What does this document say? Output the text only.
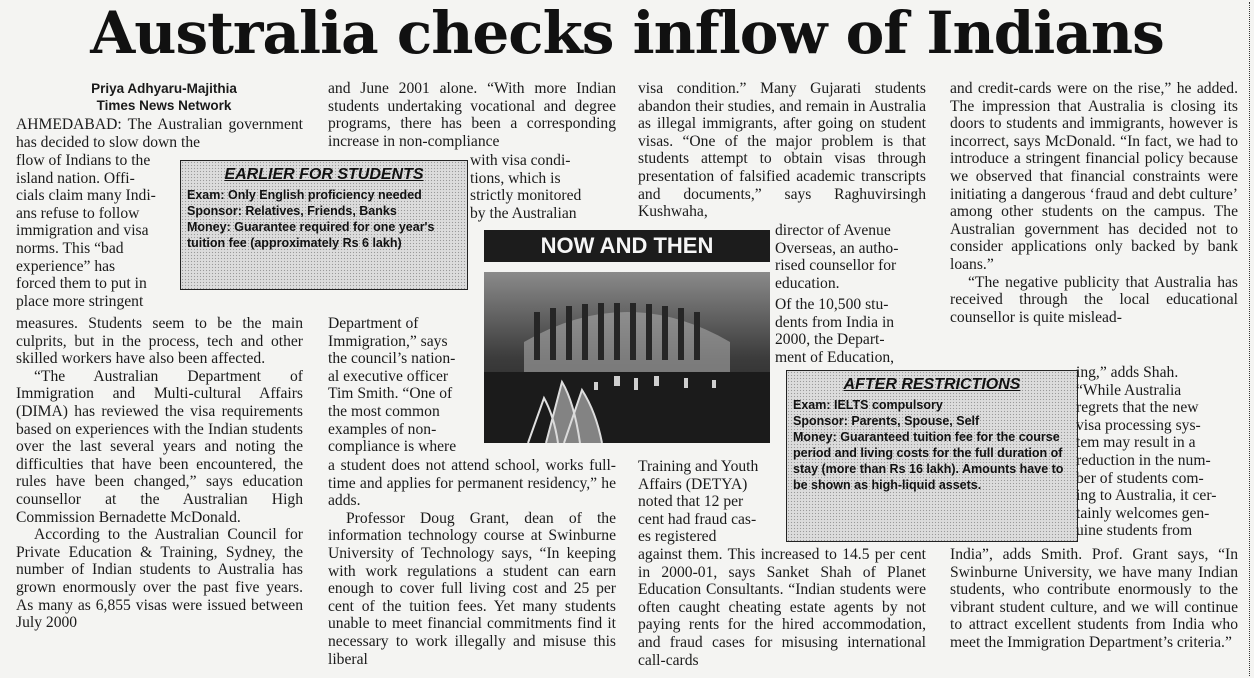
Australia checks inflow of Indians
Priya Adhyaru-Majithia
Times News Network

AHMEDABAD: The Australian government has decided to slow down the

flow of Indians to the
island nation. Offi-
cials claim many Indi-
ans refuse to follow
immigration and visa
norms. This “bad
experience” has
forced them to put in
place more stringent

measures. Students seem to be the main culprits, but in the process, tech and other skilled workers have also been affected.

“The Australian Department of Immigration and Multi-cultural Affairs (DIMA) has reviewed the visa requirements based on experiences with the Indian students over the last several years and noting the difficulties that have been encountered, the rules have been changed,” says education counsellor at the Australian High Commission Bernadette McDonald.

According to the Australian Council for Private Education & Training, Sydney, the number of Indian students to Australia has grown enormously over the past five years. As many as 6,855 visas were issued between July 2000

EARLIER FOR STUDENTS

Exam: Only English proficiency needed

Sponsor: Relatives, Friends, Banks

Money: Guarantee required for one year's tuition fee (approximately Rs 6 lakh)

and June 2001 alone. “With more Indian students undertaking vocational and degree programs, there has been a corresponding increase in non-compliance

with visa condi-
tions, which is
strictly monitored
by the Australian
Department of
Immigration,” says
the council’s nation-
al executive officer
Tim Smith. “One of
the most common
examples of non-
compliance is where

a student does not attend school, works full-time and applies for permanent residency,” he adds.

Professor Doug Grant, dean of the information technology course at Swinburne University of Technology says, “In keeping with work regulations a student can earn enough to cover full living cost and 25 per cent of the tuition fees. Yet many students unable to meet financial commitments find it necessary to work illegally and misuse this liberal

NOW AND THEN

visa condition.” Many Gujarati students abandon their studies, and remain in Australia as illegal immigrants, after going on student visas. “One of the major problem is that students attempt to obtain visas through presentation of falsified academic transcripts and documents,” says Raghuvirsingh Kushwaha,

director of Avenue
Overseas, an autho-
rised counsellor for
education.
Of the 10,500 stu-
dents from India in
2000, the Depart-
ment of Education,
Training and Youth
Affairs (DETYA)
noted that 12 per
cent had fraud cas-
es registered

against them. This increased to 14.5 per cent in 2000-01, says Sanket Shah of Planet Education Consultants. “Indian students were often caught cheating estate agents by not paying rents for the hired accommodation, and fraud cases for misusing international call-cards

AFTER RESTRICTIONS

Exam: IELTS compulsory

Sponsor: Parents, Spouse, Self

Money: Guaranteed tuition fee for the course period and living costs for the full duration of stay (more than Rs 16 lakh). Amounts have to be shown as high-liquid assets.

and credit-cards were on the rise,” he added. The impression that Australia is closing its doors to students and immigrants, however is incorrect, says McDonald. “In fact, we had to introduce a stringent financial policy because we observed that financial constraints were initiating a dangerous ‘fraud and debt culture’ among other students on the campus. The Australian government has decided not to consider applications only backed by bank loans.”

“The negative publicity that Australia has received through the local educational counsellor is quite mislead-

ing,” adds Shah.
“While Australia
regrets that the new
visa processing sys-
tem may result in a
reduction in the num-
ber of students com-
ing to Australia, it cer-
tainly welcomes gen-
uine students from

India”, adds Smith. Prof. Grant says, “In Swinburne University, we have many Indian students, who contribute enormously to the vibrant student culture, and we will continue to attract excellent students from India who meet the Immigration Department’s criteria.”
